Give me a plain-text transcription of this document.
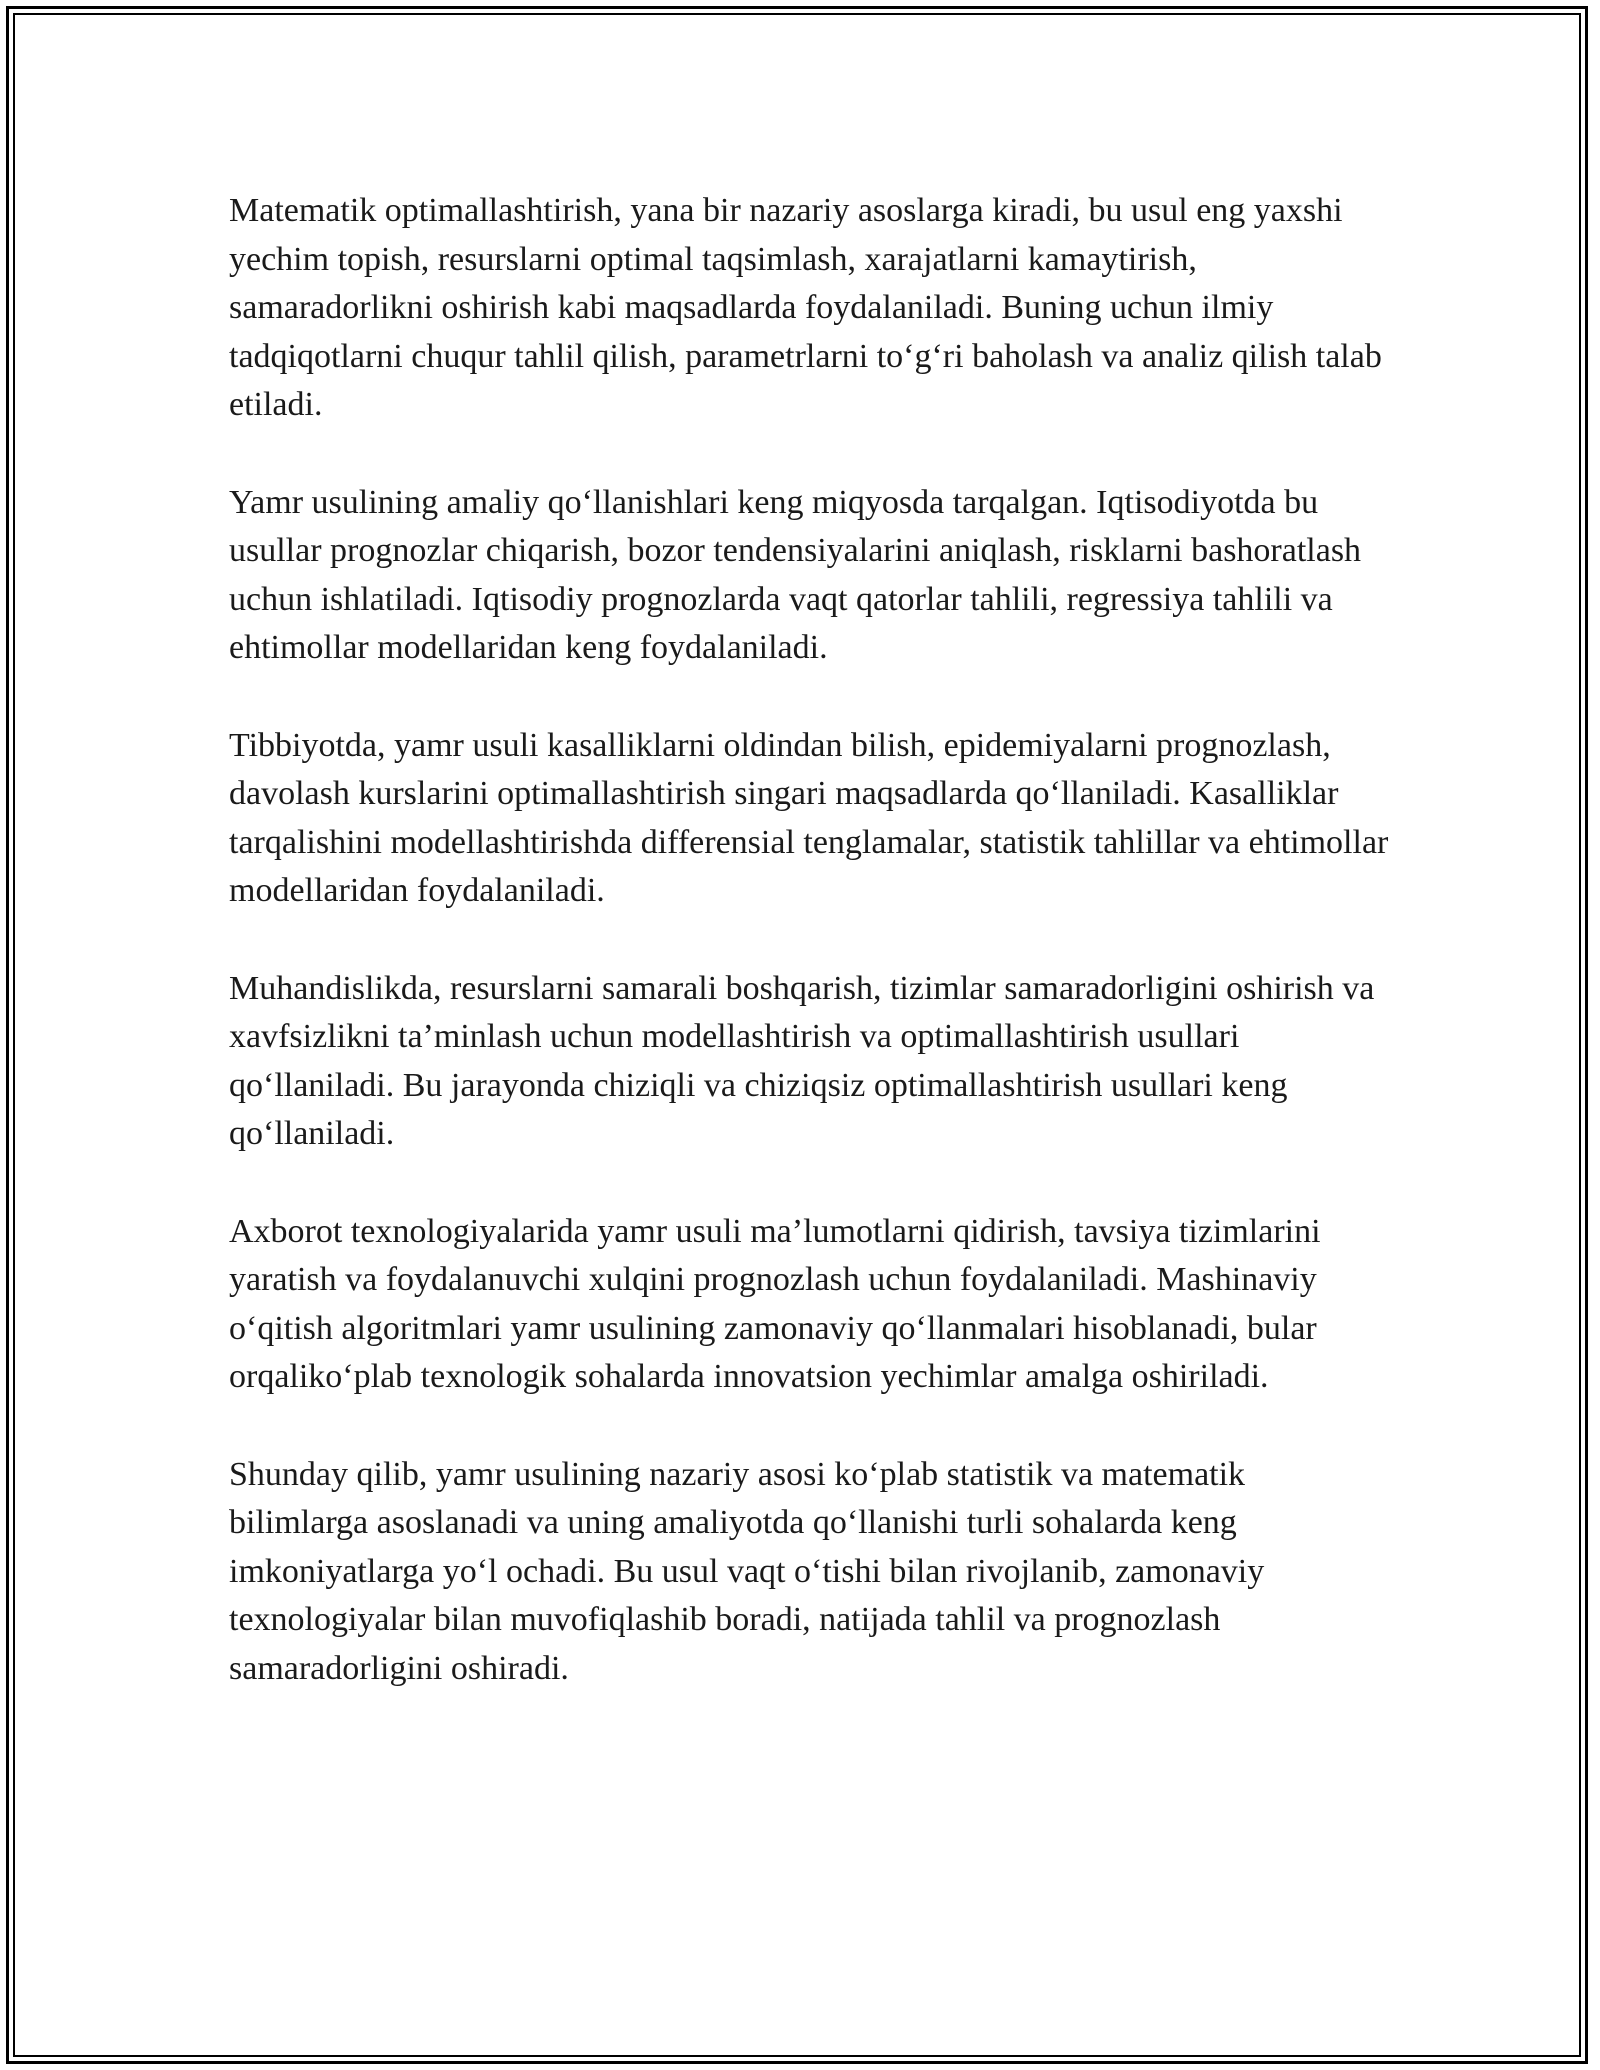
Matematik optimallashtirish, yana bir nazariy asoslarga kiradi, bu usul eng yaxshi yechim topish, resurslarni optimal taqsimlash, xarajatlarni kamaytirish, samaradorlikni oshirish kabi maqsadlarda foydalaniladi. Buning uchun ilmiy tadqiqotlarni chuqur tahlil qilish, parametrlarni to‘g‘ri baholash va analiz qilish talab etiladi.

Yamr usulining amaliy qo‘llanishlari keng miqyosda tarqalgan. Iqtisodiyotda bu usullar prognozlar chiqarish, bozor tendensiyalarini aniqlash, risklarni bashoratlash uchun ishlatiladi. Iqtisodiy prognozlarda vaqt qatorlar tahlili, regressiya tahlili va ehtimollar modellaridan keng foydalaniladi.

Tibbiyotda, yamr usuli kasalliklarni oldindan bilish, epidemiyalarni prognozlash, davolash kurslarini optimallashtirish singari maqsadlarda qo‘llaniladi. Kasalliklar tarqalishini modellashtirishda differensial tenglamalar, statistik tahlillar va ehtimollar modellaridan foydalaniladi.

Muhandislikda, resurslarni samarali boshqarish, tizimlar samaradorligini oshirish va xavfsizlikni ta’minlash uchun modellashtirish va optimallashtirish usullari qo‘llaniladi. Bu jarayonda chiziqli va chiziqsiz optimallashtirish usullari keng qo‘llaniladi.

Axborot texnologiyalarida yamr usuli ma’lumotlarni qidirish, tavsiya tizimlarini yaratish va foydalanuvchi xulqini prognozlash uchun foydalaniladi. Mashinaviy o‘qitish algoritmlari yamr usulining zamonaviy qo‘llanmalari hisoblanadi, bular orqaliko‘plab texnologik sohalarda innovatsion yechimlar amalga oshiriladi.

Shunday qilib, yamr usulining nazariy asosi ko‘plab statistik va matematik bilimlarga asoslanadi va uning amaliyotda qo‘llanishi turli sohalarda keng imkoniyatlarga yo‘l ochadi. Bu usul vaqt o‘tishi bilan rivojlanib, zamonaviy texnologiyalar bilan muvofiqlashib boradi, natijada tahlil va prognozlash samaradorligini oshiradi.
